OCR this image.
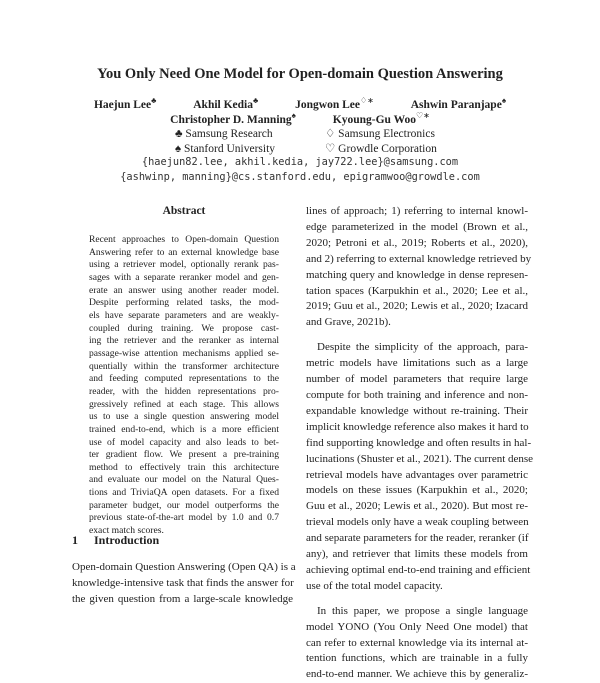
You Only Need One Model for Open-domain Question Answering
Haejun Lee♣	Akhil Kedia♣	Jongwon Lee♢∗	Ashwin Paranjape♠
Christopher D. Manning♠	Kyoung-Gu Woo♡∗
♣ Samsung Research	♢ Samsung Electronics
♠ Stanford University	♡ Growdle Corporation
{haejun82.lee, akhil.kedia, jay722.lee}@samsung.com
{ashwinp, manning}@cs.stanford.edu, epigramwoo@growdle.com
Abstract
Recent approaches to Open-domain Question
Answering refer to an external knowledge base
using a retriever model, optionally rerank pas-
sages with a separate reranker model and gen-
erate an answer using another reader model.
Despite performing related tasks, the mod-
els have separate parameters and are weakly-
coupled during training. We propose cast-
ing the retriever and the reranker as internal
passage-wise attention mechanisms applied se-
quentially within the transformer architecture
and feeding computed representations to the
reader, with the hidden representations pro-
gressively refined at each stage. This allows
us to use a single question answering model
trained end-to-end, which is a more efficient
use of model capacity and also leads to bet-
ter gradient flow. We present a pre-training
method to effectively train this architecture
and evaluate our model on the Natural Ques-
tions and TriviaQA open datasets. For a fixed
parameter budget, our model outperforms the
previous state-of-the-art model by 1.0 and 0.7
exact match scores.
1 Introduction
Open-domain Question Answering (Open QA) is a
knowledge-intensive task that finds the answer for
the given question from a large-scale knowledge
lines of approach; 1) referring to internal knowl-
edge parameterized in the model (Brown et al.,
2020; Petroni et al., 2019; Roberts et al., 2020),
and 2) referring to external knowledge retrieved by
matching query and knowledge in dense represen-
tation spaces (Karpukhin et al., 2020; Lee et al.,
2019; Guu et al., 2020; Lewis et al., 2020; Izacard
and Grave, 2021b).
Despite the simplicity of the approach, para-
metric models have limitations such as a large
number of model parameters that require large
compute for both training and inference and non-
expandable knowledge without re-training. Their
implicit knowledge reference also makes it hard to
find supporting knowledge and often results in hal-
lucinations (Shuster et al., 2021). The current dense
retrieval models have advantages over parametric
models on these issues (Karpukhin et al., 2020;
Guu et al., 2020; Lewis et al., 2020). But most re-
trieval models only have a weak coupling between
and separate parameters for the reader, reranker (if
any), and retriever that limits these models from
achieving optimal end-to-end training and efficient
use of the total model capacity.
In this paper, we propose a single language
model YONO (You Only Need One model) that
can refer to external knowledge via its internal at-
tention functions, which are trainable in a fully
end-to-end manner. We achieve this by generaliz-
